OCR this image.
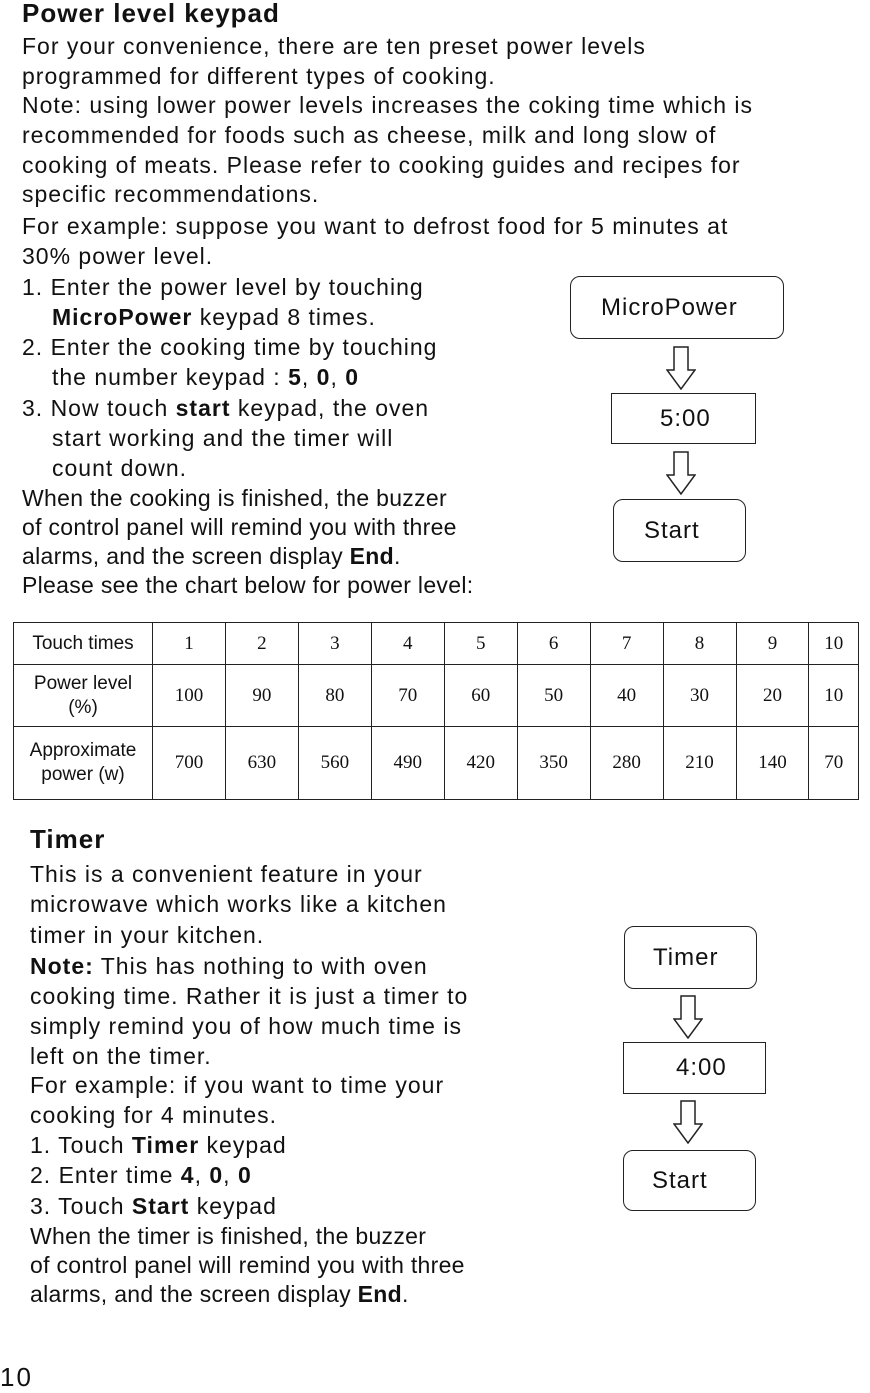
Power level keypad
For your convenience, there are ten preset power levels
programmed for different types of cooking.
Note: using lower power levels increases the coking time which is
recommended for foods such as cheese, milk and long slow of
cooking of meats. Please refer to cooking guides and recipes for
specific recommendations.
For example: suppose you want to defrost food for 5 minutes at
30% power level.
1. Enter the power level by touching
MicroPower keypad 8 times.
2. Enter the cooking time by touching
the number keypad : 5, 0, 0
3. Now touch start keypad, the oven
start working and the timer will
count down.
When the cooking is finished, the buzzer
of control panel will remind you with three
alarms, and the screen display End.
Please see the chart below for power level:
MicroPower
5:00
Start
Touch times	1	2	3	4	5	6	7	8	9	10

Power level
(%)	100	90	80	70	60	50	40	30	20	10

Approximate
power (w)	700	630	560	490	420	350	280	210	140	70
Timer
This is a convenient feature in your
microwave which works like a kitchen
timer in your kitchen.
Note: This has nothing to with oven
cooking time. Rather it is just a timer to
simply remind you of how much time is
left on the timer.
For example: if you want to time your
cooking for 4 minutes.
1. Touch Timer keypad
2. Enter time 4, 0, 0
3. Touch Start keypad
When the timer is finished, the buzzer
of control panel will remind you with three
alarms, and the screen display End.
Timer
4:00
Start
10
